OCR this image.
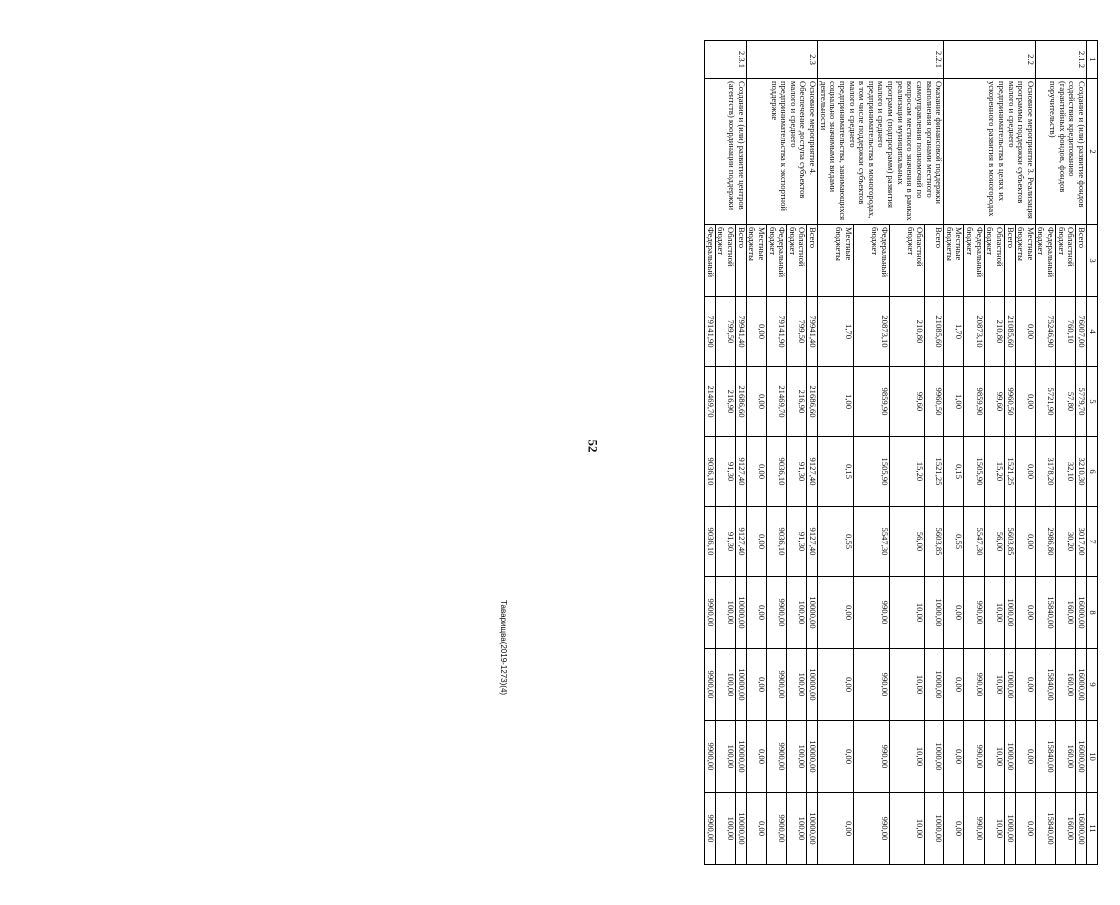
52
1	2	3	4	5	6	7	8	9	10	11
2.1.2	Создание и (или) развитие фондов содействия кредитованию (гарантийных фондов, фондов поручительств)	Всего	76007,00	5779,70	3210,30	3017,00	16000,00	16000,00	16000,00	16000,00
		Областной бюджет	760,10	57,80	32,10	30,20	160,00	160,00	160,00	160,00
		Федеральный бюджет	75246,90	5721,90	3178,20	2986,80	15840,00	15840,00	15840,00	15840,00
2.2	Основное мероприятие 3. Реализация программы поддержки субъектов малого и среднего предпринимательства в целях их ускоренного развития в моногородах	Местные бюджеты	0,00	0,00	0,00	0,00	0,00	0,00	0,00	0,00
		Всего	21085,60	9960,50	1521,25	5603,85	1000,00	1000,00	1000,00	1000,00
		Областной бюджет	210,80	99,60	15,20	56,00	10,00	10,00	10,00	10,00
		Федеральный бюджет	20873,10	9859,90	1505,90	5547,30	990,00	990,00	990,00	990,00
		Местные бюджеты	1,70	1,00	0,15	0,55	0,00	0,00	0,00	0,00
2.2.1	Оказание финансовой поддержки выполнения органами местного самоуправления полномочий по вопросам местного значения в рамках реализации муниципальных программ (подпрограмм) развития малого и среднего предпринимательства в моногородах, в том числе поддержки субъектов малого и среднего предпринимательства, занимающихся социально значимыми видами деятельности	Всего	21085,60	9960,50	1521,25	5603,85	1000,00	1000,00	1000,00	1000,00
		Областной бюджет	210,80	99,60	15,20	56,00	10,00	10,00	10,00	10,00
		Федеральный бюджет	20873,10	9859,90	1505,90	5547,30	990,00	990,00	990,00	990,00
		Местные бюджеты	1,70	1,00	0,15	0,55	0,00	0,00	0,00	0,00
2.3	Основное мероприятие 4. Обеспечение доступа субъектов малого и среднего предпринимательства к экспортной поддержке	Всего	79941,40	21686,60	9127,40	9127,40	10000,00	10000,00	10000,00	10000,00
		Областной бюджет	799,50	216,90	91,30	91,30	100,00	100,00	100,00	100,00
		Федеральный бюджет	79141,90	21469,70	9036,10	9036,10	9900,00	9900,00	9900,00	9900,00
		Местные бюджеты	0,00	0,00	0,00	0,00	0,00	0,00	0,00	0,00
2.3.1	Создание и (или) развитие центров (агентств) координации поддержки	Всего	79941,40	21686,60	9127,40	9127,40	10000,00	10000,00	10000,00	10000,00
		Областной бюджет	799,50	216,90	91,30	91,30	100,00	100,00	100,00	100,00
		Федеральный	79141,90	21469,70	9036,10	9036,10	9900,00	9900,00	9900,00	9900,00
Таварищва(2019-1273)(4)
